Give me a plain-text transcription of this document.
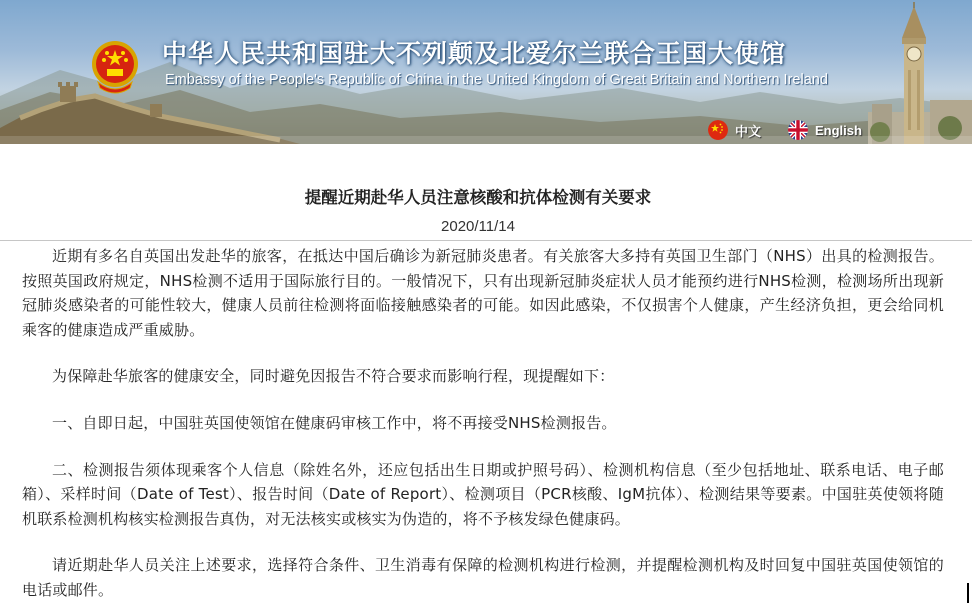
中华人民共和国驻大不列颠及北爱尔兰联合王国大使馆
Embassy of the People's Republic of China in the United Kingdom of Great Britain and Northern Ireland
中文	English
提醒近期赴华人员注意核酸和抗体检测有关要求
2020/11/14

近期有多名自英国出发赴华的旅客，在抵达中国后确诊为新冠肺炎患者。有关旅客大多持有英国卫生部门（NHS）出具的检测报告。按照英国政府规定，NHS检测不适用于国际旅行目的。一般情况下，只有出现新冠肺炎症状人员才能预约进行NHS检测，检测场所出现新冠肺炎感染者的可能性较大，健康人员前往检测将面临接触感染者的可能。如因此感染，不仅损害个人健康，产生经济负担，更会给同机乘客的健康造成严重威胁。

为保障赴华旅客的健康安全，同时避免因报告不符合要求而影响行程，现提醒如下：

一、自即日起，中国驻英国使领馆在健康码审核工作中，将不再接受NHS检测报告。

二、检测报告须体现乘客个人信息（除姓名外，还应包括出生日期或护照号码）、检测机构信息（至少包括地址、联系电话、电子邮箱）、采样时间（Date of Test）、报告时间（Date of Report）、检测项目（PCR核酸、IgM抗体）、检测结果等要素。中国驻英使领将随机联系检测机构核实检测报告真伪，对无法核实或核实为伪造的，将不予核发绿色健康码。

请近期赴华人员关注上述要求，选择符合条件、卫生消毒有保障的检测机构进行检测，并提醒检测机构及时回复中国驻英国使领馆的电话或邮件。
